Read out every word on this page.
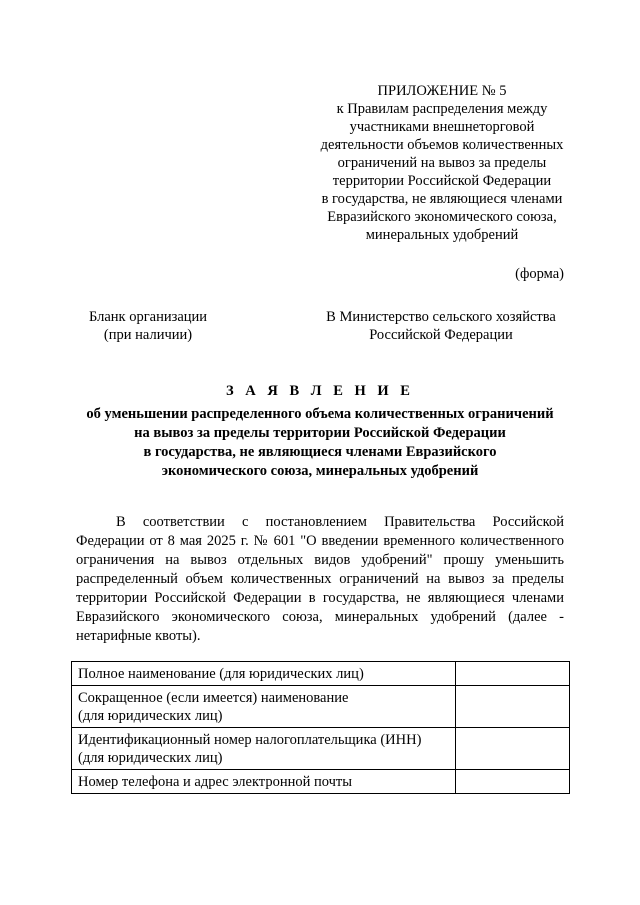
ПРИЛОЖЕНИЕ № 5
к Правилам распределения между
участниками внешнеторговой
деятельности объемов количественных
ограничений на вывоз за пределы
территории Российской Федерации
в государства, не являющиеся членами
Евразийского экономического союза,
минеральных удобрений
(форма)
Бланк организации
(при наличии)
В Министерство сельского хозяйства
Российской Федерации
З А Я В Л Е Н И Е
об уменьшении распределенного объема количественных ограничений
на вывоз за пределы территории Российской Федерации
в государства, не являющиеся членами Евразийского
экономического союза, минеральных удобрений

В соответствии с постановлением Правительства Российской Федерации от 8 мая 2025 г. № 601 "О введении временного количественного ограничения на вывоз отдельных видов удобрений" прошу уменьшить распределенный объем количественных ограничений на вывоз за пределы территории Российской Федерации в государства, не являющиеся членами Евразийского экономического союза, минеральных удобрений (далее - нетарифные квоты).

Полное наименование (для юридических лиц)	

Сокращенное (если имеется) наименование
(для юридических лиц)	

Идентификационный номер налогоплательщика (ИНН)
(для юридических лиц)	

Номер телефона и адрес электронной почты	
